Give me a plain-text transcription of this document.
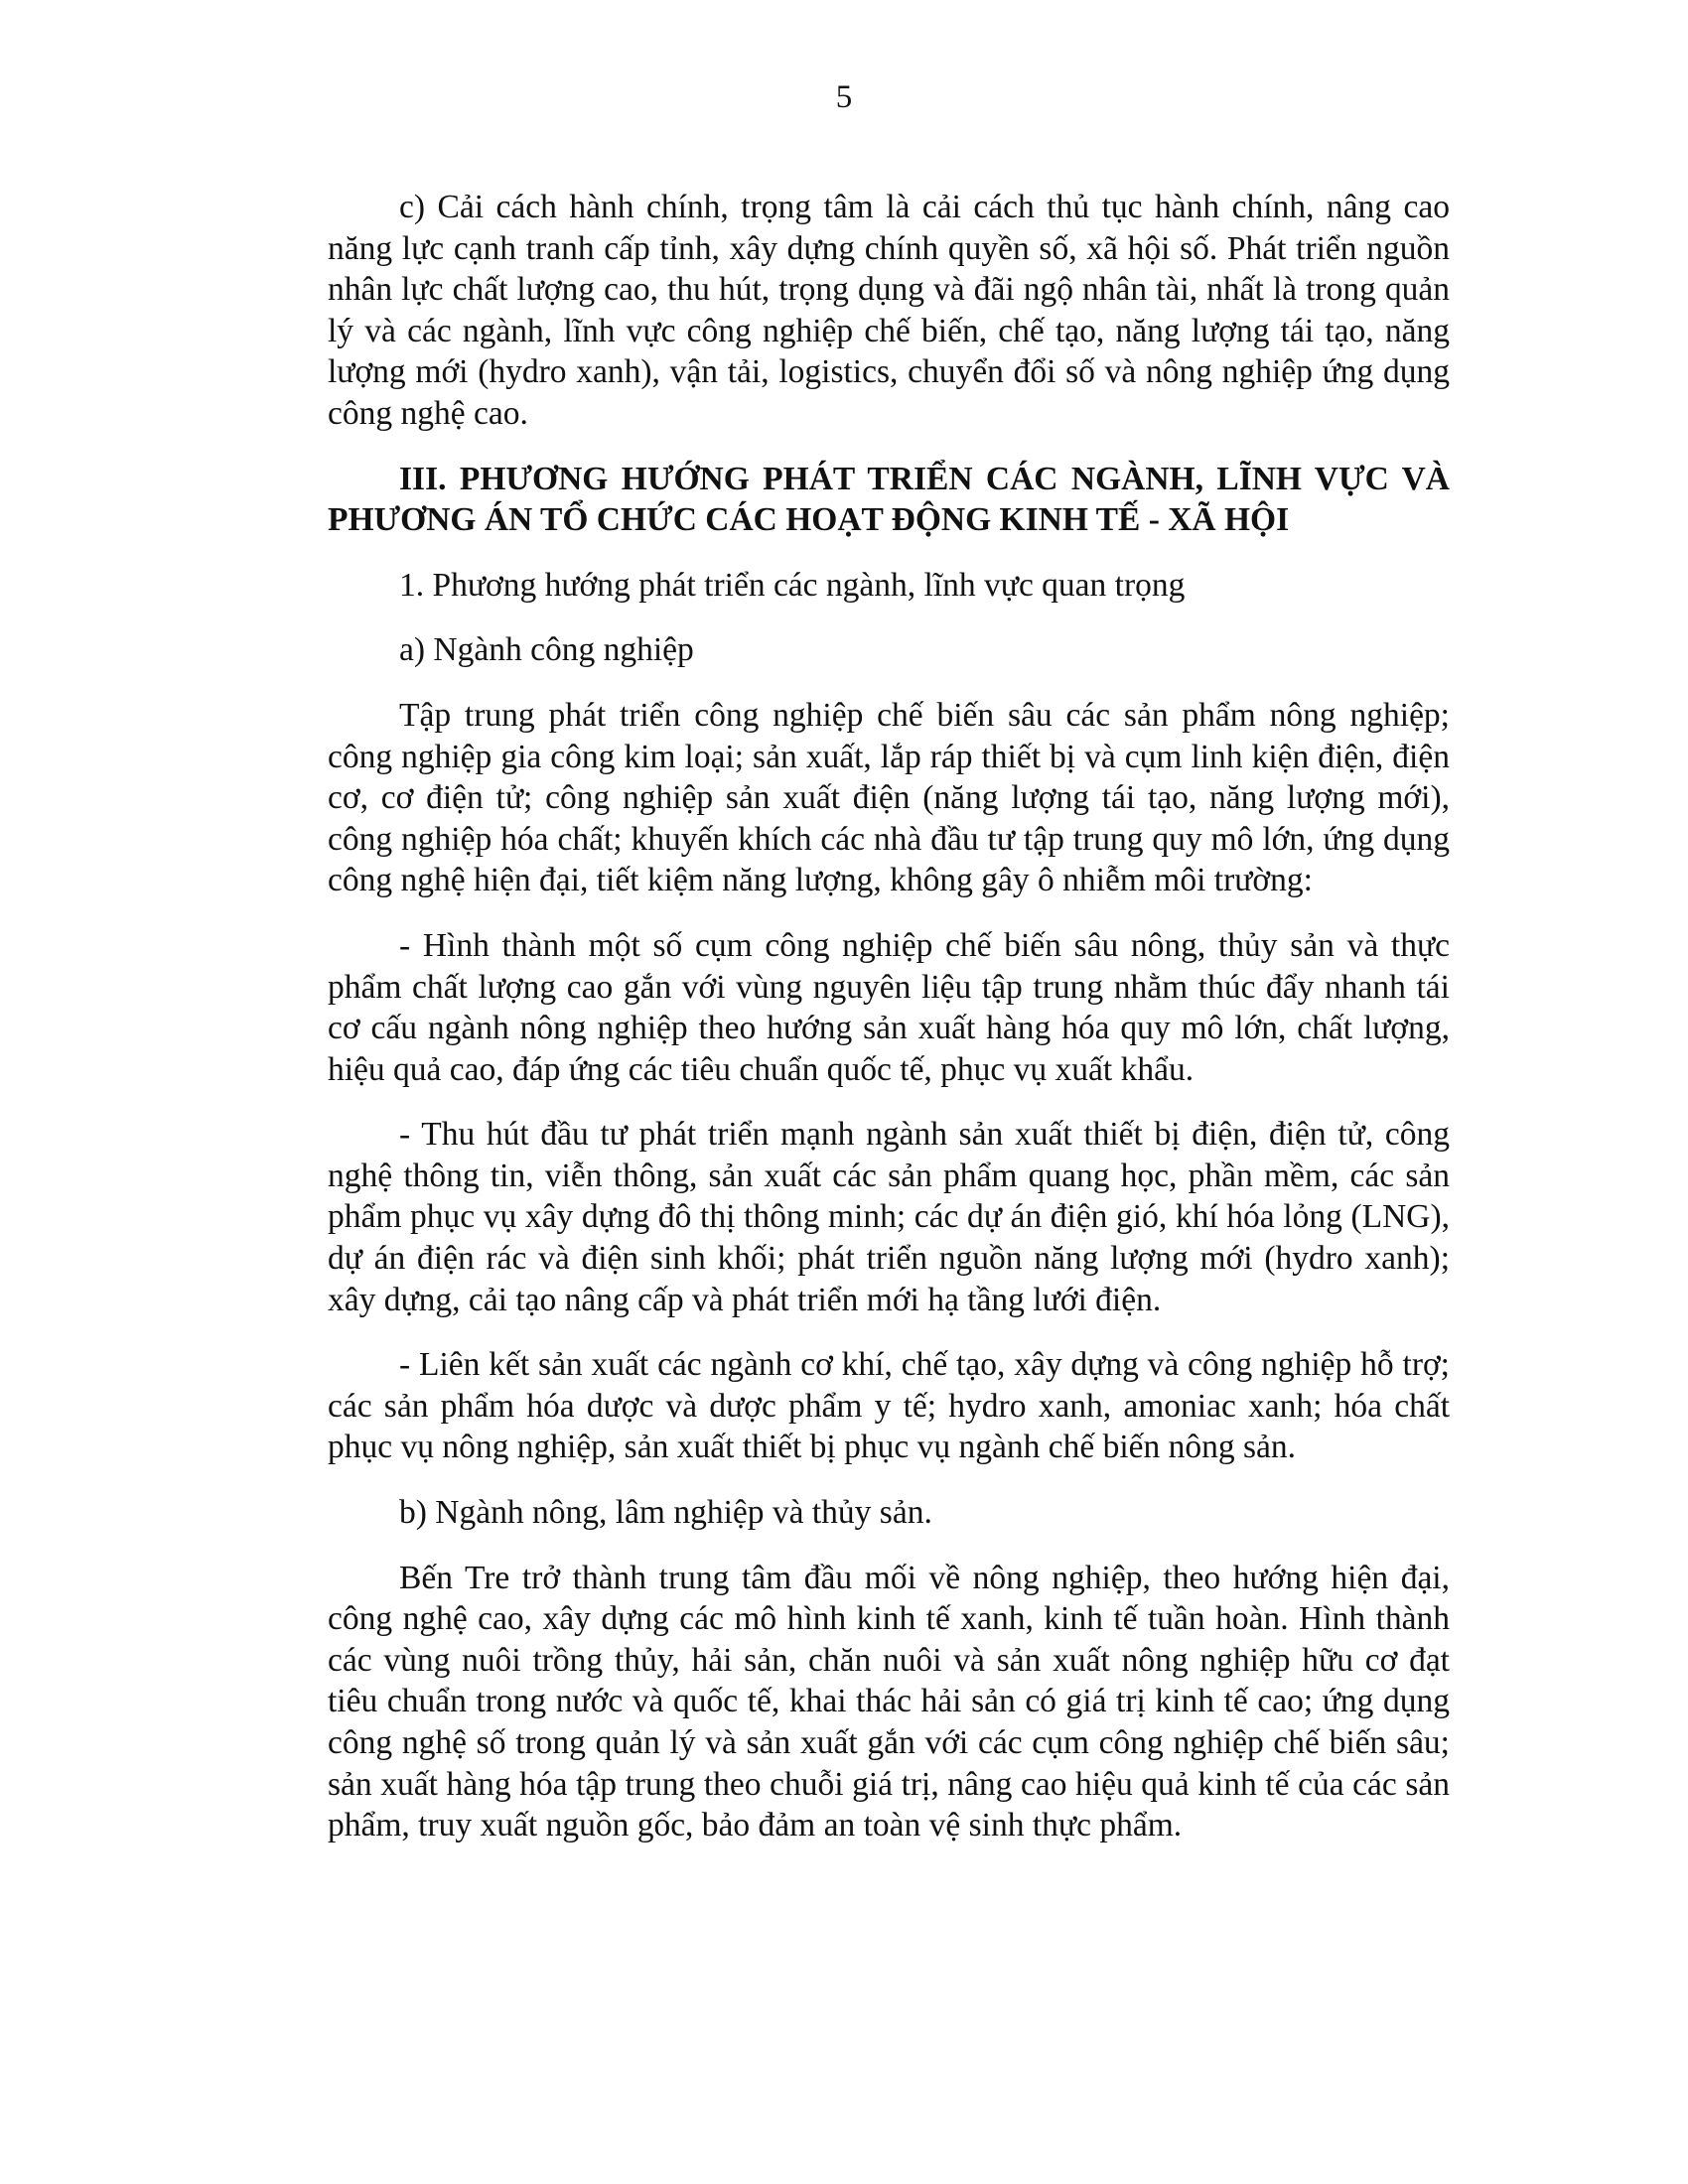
5

c) Cải cách hành chính, trọng tâm là cải cách thủ tục hành chính, nâng cao năng lực cạnh tranh cấp tỉnh, xây dựng chính quyền số, xã hội số. Phát triển nguồn nhân lực chất lượng cao, thu hút, trọng dụng và đãi ngộ nhân tài, nhất là trong quản lý và các ngành, lĩnh vực công nghiệp chế biến, chế tạo, năng lượng tái tạo, năng lượng mới (hydro xanh), vận tải, logistics, chuyển đổi số và nông nghiệp ứng dụng công nghệ cao.

III. PHƯƠNG HƯỚNG PHÁT TRIỂN CÁC NGÀNH, LĨNH VỰC VÀ PHƯƠNG ÁN TỔ CHỨC CÁC HOẠT ĐỘNG KINH TẾ - XÃ HỘI

1. Phương hướng phát triển các ngành, lĩnh vực quan trọng

a) Ngành công nghiệp

Tập trung phát triển công nghiệp chế biến sâu các sản phẩm nông nghiệp; công nghiệp gia công kim loại; sản xuất, lắp ráp thiết bị và cụm linh kiện điện, điện cơ, cơ điện tử; công nghiệp sản xuất điện (năng lượng tái tạo, năng lượng mới), công nghiệp hóa chất; khuyến khích các nhà đầu tư tập trung quy mô lớn, ứng dụng công nghệ hiện đại, tiết kiệm năng lượng, không gây ô nhiễm môi trường:

- Hình thành một số cụm công nghiệp chế biến sâu nông, thủy sản và thực phẩm chất lượng cao gắn với vùng nguyên liệu tập trung nhằm thúc đẩy nhanh tái cơ cấu ngành nông nghiệp theo hướng sản xuất hàng hóa quy mô lớn, chất lượng, hiệu quả cao, đáp ứng các tiêu chuẩn quốc tế, phục vụ xuất khẩu.

- Thu hút đầu tư phát triển mạnh ngành sản xuất thiết bị điện, điện tử, công nghệ thông tin, viễn thông, sản xuất các sản phẩm quang học, phần mềm, các sản phẩm phục vụ xây dựng đô thị thông minh; các dự án điện gió, khí hóa lỏng (LNG), dự án điện rác và điện sinh khối; phát triển nguồn năng lượng mới (hydro xanh); xây dựng, cải tạo nâng cấp và phát triển mới hạ tầng lưới điện.

- Liên kết sản xuất các ngành cơ khí, chế tạo, xây dựng và công nghiệp hỗ trợ; các sản phẩm hóa dược và dược phẩm y tế; hydro xanh, amoniac xanh; hóa chất phục vụ nông nghiệp, sản xuất thiết bị phục vụ ngành chế biến nông sản.

b) Ngành nông, lâm nghiệp và thủy sản.

Bến Tre trở thành trung tâm đầu mối về nông nghiệp, theo hướng hiện đại, công nghệ cao, xây dựng các mô hình kinh tế xanh, kinh tế tuần hoàn. Hình thành các vùng nuôi trồng thủy, hải sản, chăn nuôi và sản xuất nông nghiệp hữu cơ đạt tiêu chuẩn trong nước và quốc tế, khai thác hải sản có giá trị kinh tế cao; ứng dụng công nghệ số trong quản lý và sản xuất gắn với các cụm công nghiệp chế biến sâu; sản xuất hàng hóa tập trung theo chuỗi giá trị, nâng cao hiệu quả kinh tế của các sản phẩm, truy xuất nguồn gốc, bảo đảm an toàn vệ sinh thực phẩm.
